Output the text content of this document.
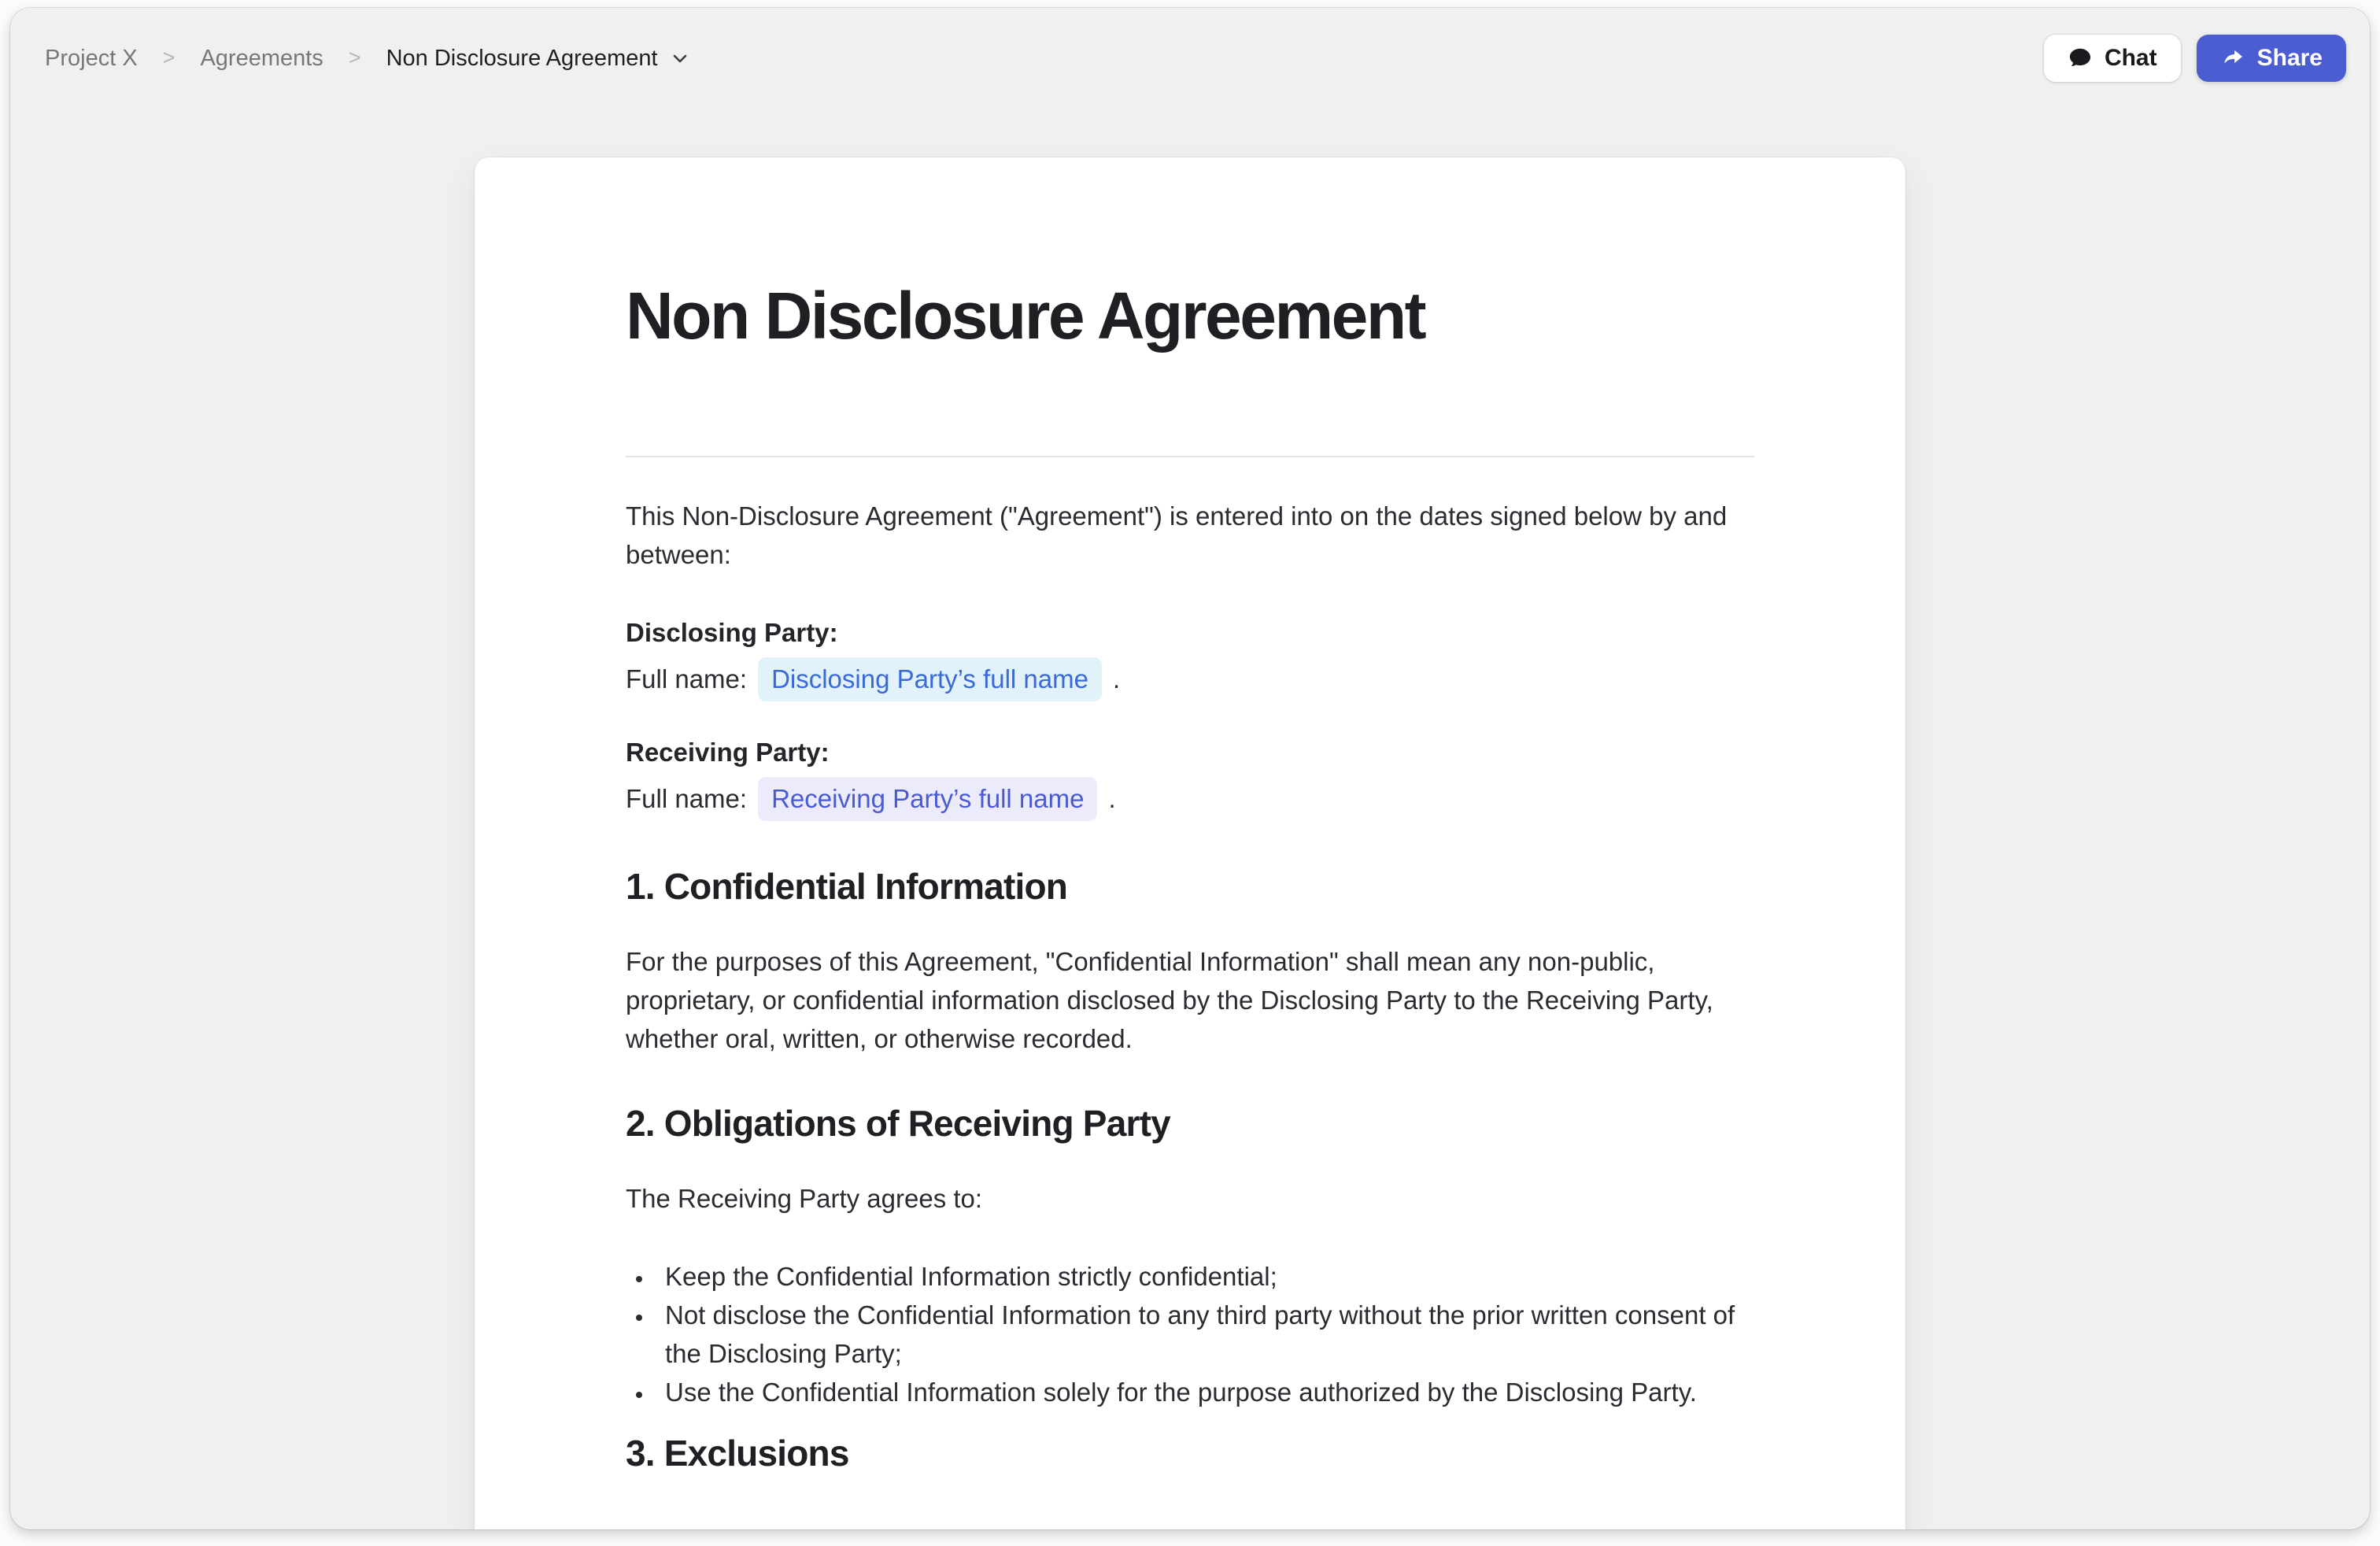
Project X > Agreements > Non Disclosure Agreement	Chat	Share
Non Disclosure Agreement

This Non-Disclosure Agreement ("Agreement") is entered into on the dates signed below by and between:

Disclosing Party:
Full name: Disclosing Party’s full name .
Receiving Party:
Full name: Receiving Party’s full name .
1. Confidential Information

For the purposes of this Agreement, "Confidential Information" shall mean any non-public, proprietary, or confidential information disclosed by the Disclosing Party to the Receiving Party, whether oral, written, or otherwise recorded.

2. Obligations of Receiving Party

The Receiving Party agrees to:

• Keep the Confidential Information strictly confidential;
• Not disclose the Confidential Information to any third party without the prior written consent of the Disclosing Party;
• Use the Confidential Information solely for the purpose authorized by the Disclosing Party.
3. Exclusions
